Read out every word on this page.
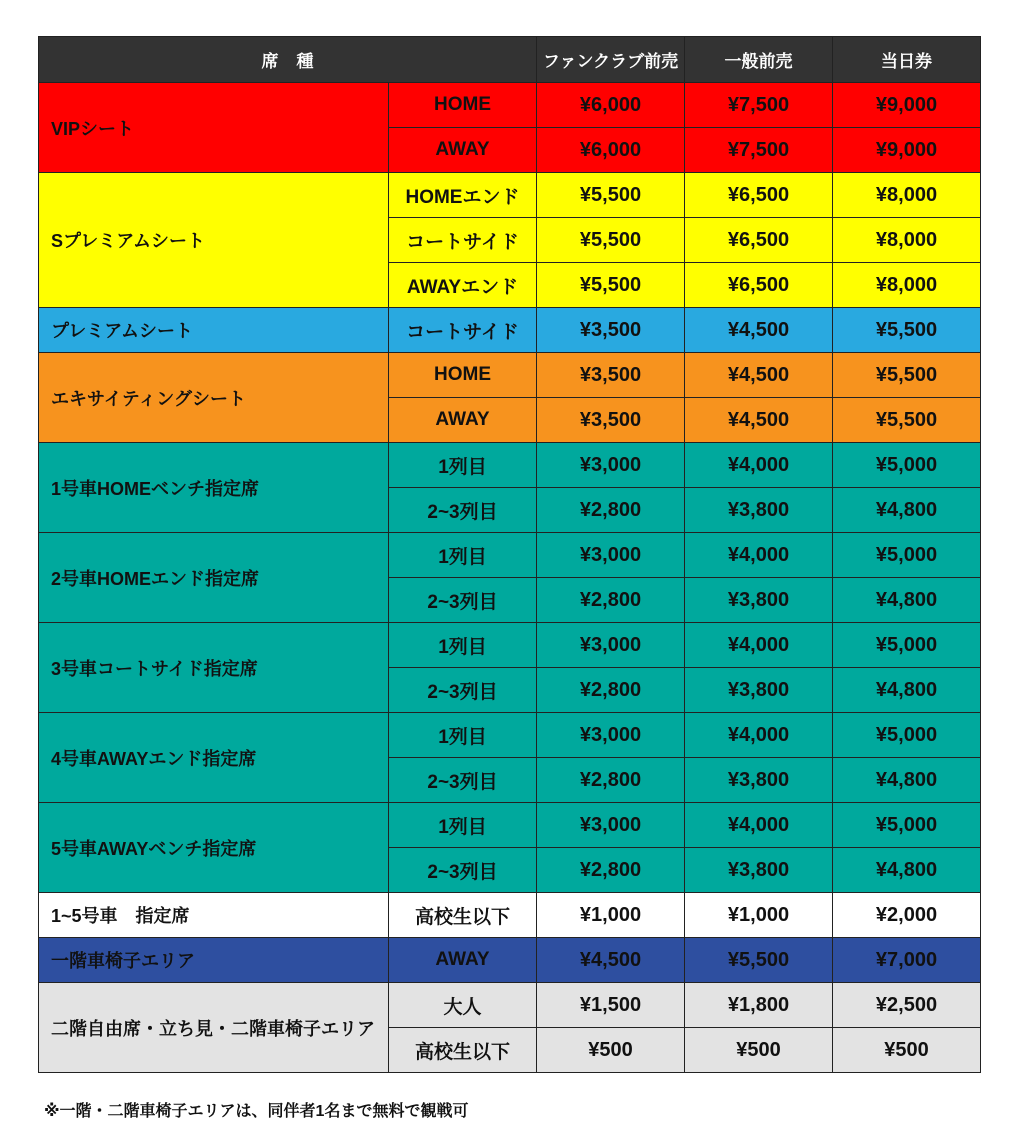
席種		ファンクラブ前売	一般前売	当日券
VIPシート	HOME	¥6,000	¥7,500	¥9,000
	AWAY	¥6,000	¥7,500	¥9,000
Sプレミアムシート	HOMEエンド	¥5,500	¥6,500	¥8,000
	コートサイド	¥5,500	¥6,500	¥8,000
	AWAYエンド	¥5,500	¥6,500	¥8,000
プレミアムシート	コートサイド	¥3,500	¥4,500	¥5,500
エキサイティングシート	HOME	¥3,500	¥4,500	¥5,500
	AWAY	¥3,500	¥4,500	¥5,500
1号車HOMEベンチ指定席	1列目	¥3,000	¥4,000	¥5,000
	2~3列目	¥2,800	¥3,800	¥4,800
2号車HOMEエンド指定席	1列目	¥3,000	¥4,000	¥5,000
	2~3列目	¥2,800	¥3,800	¥4,800
3号車コートサイド指定席	1列目	¥3,000	¥4,000	¥5,000
	2~3列目	¥2,800	¥3,800	¥4,800
4号車AWAYエンド指定席	1列目	¥3,000	¥4,000	¥5,000
	2~3列目	¥2,800	¥3,800	¥4,800
5号車AWAYベンチ指定席	1列目	¥3,000	¥4,000	¥5,000
	2~3列目	¥2,800	¥3,800	¥4,800
1~5号車　指定席	高校生以下	¥1,000	¥1,000	¥2,000
一階車椅子エリア	AWAY	¥4,500	¥5,500	¥7,000
二階自由席・立ち見・二階車椅子エリア	大人	¥1,500	¥1,800	¥2,500
	高校生以下	¥500	¥500	¥500
※一階・二階車椅子エリアは、同伴者1名まで無料で観戦可
